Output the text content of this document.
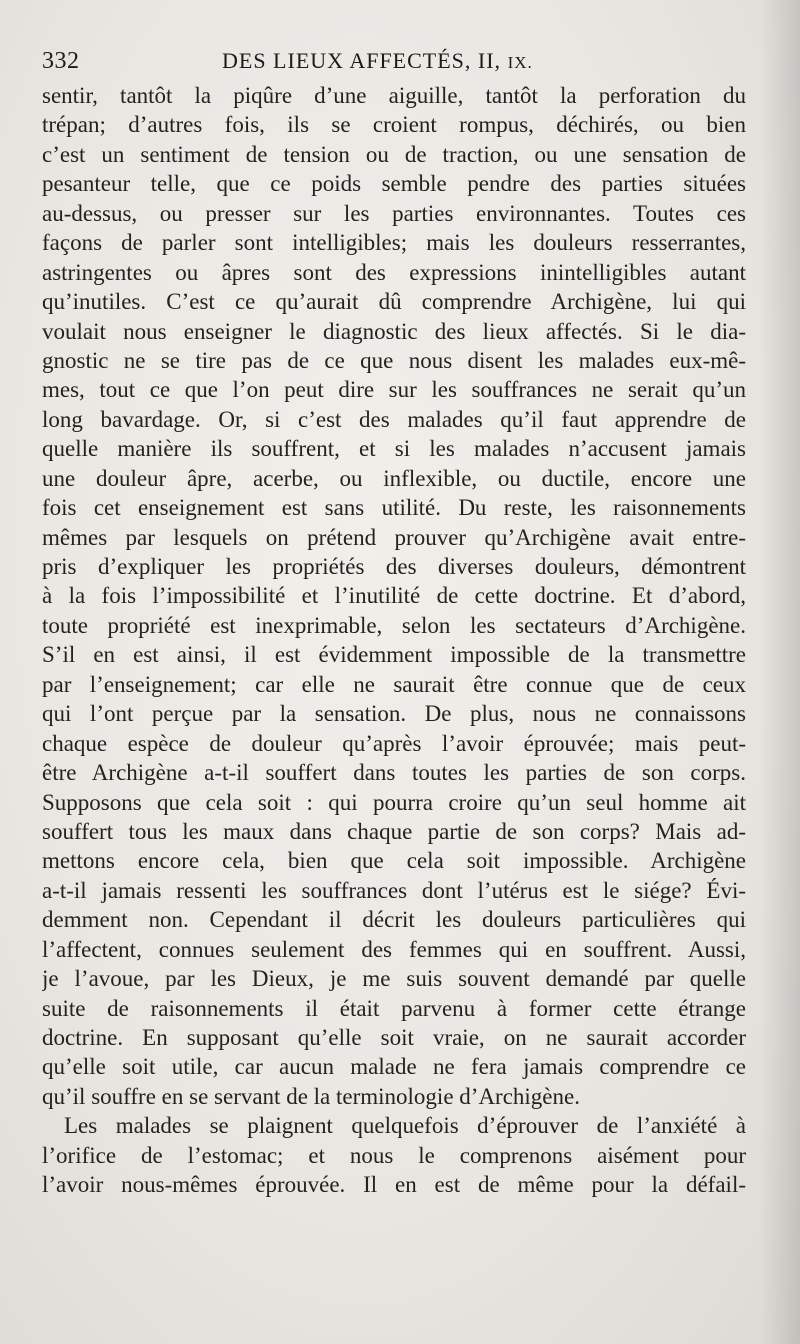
332	DES LIEUX AFFECTÉS, II, IX.
sentir, tantôt la piqûre d’une aiguille, tantôt la perforation du
trépan; d’autres fois, ils se croient rompus, déchirés, ou bien
c’est un sentiment de tension ou de traction, ou une sensation de
pesanteur telle, que ce poids semble pendre des parties situées
au-dessus, ou presser sur les parties environnantes. Toutes ces
façons de parler sont intelligibles; mais les douleurs resserrantes,
astringentes ou âpres sont des expressions inintelligibles autant
qu’inutiles. C’est ce qu’aurait dû comprendre Archigène, lui qui
voulait nous enseigner le diagnostic des lieux affectés. Si le dia-
gnostic ne se tire pas de ce que nous disent les malades eux-mê-
mes, tout ce que l’on peut dire sur les souffrances ne serait qu’un
long bavardage. Or, si c’est des malades qu’il faut apprendre de
quelle manière ils souffrent, et si les malades n’accusent jamais
une douleur âpre, acerbe, ou inflexible, ou ductile, encore une
fois cet enseignement est sans utilité. Du reste, les raisonnements
mêmes par lesquels on prétend prouver qu’Archigène avait entre-
pris d’expliquer les propriétés des diverses douleurs, démontrent
à la fois l’impossibilité et l’inutilité de cette doctrine. Et d’abord,
toute propriété est inexprimable, selon les sectateurs d’Archigène.
S’il en est ainsi, il est évidemment impossible de la transmettre
par l’enseignement; car elle ne saurait être connue que de ceux
qui l’ont perçue par la sensation. De plus, nous ne connaissons
chaque espèce de douleur qu’après l’avoir éprouvée; mais peut-
être Archigène a-t-il souffert dans toutes les parties de son corps.
Supposons que cela soit : qui pourra croire qu’un seul homme ait
souffert tous les maux dans chaque partie de son corps? Mais ad-
mettons encore cela, bien que cela soit impossible. Archigène
a-t-il jamais ressenti les souffrances dont l’utérus est le siége? Évi-
demment non. Cependant il décrit les douleurs particulières qui
l’affectent, connues seulement des femmes qui en souffrent. Aussi,
je l’avoue, par les Dieux, je me suis souvent demandé par quelle
suite de raisonnements il était parvenu à former cette étrange
doctrine. En supposant qu’elle soit vraie, on ne saurait accorder
qu’elle soit utile, car aucun malade ne fera jamais comprendre ce
qu’il souffre en se servant de la terminologie d’Archigène.
Les malades se plaignent quelquefois d’éprouver de l’anxiété à
l’orifice de l’estomac; et nous le comprenons aisément pour
l’avoir nous-mêmes éprouvée. Il en est de même pour la défail-
